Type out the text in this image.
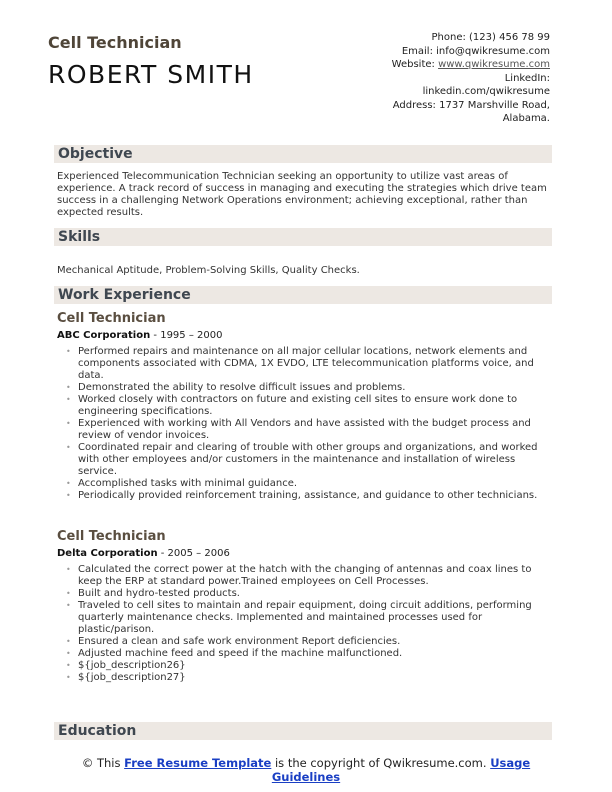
Cell Technician
ROBERT SMITH
Phone: (123) 456 78 99
Email: info@qwikresume.com
Website: www.qwikresume.com
LinkedIn:
linkedin.com/qwikresume
Address: 1737 Marshville Road,
Alabama.
Objective
Experienced Telecommunication Technician seeking an opportunity to utilize vast areas of experience. A track record of success in managing and executing the strategies which drive team success in a challenging Network Operations environment; achieving exceptional, rather than expected results.
Skills
Mechanical Aptitude, Problem-Solving Skills, Quality Checks.
Work Experience
Cell Technician
ABC Corporation - 1995 – 2000
• Performed repairs and maintenance on all major cellular locations, network elements and components associated with CDMA, 1X EVDO, LTE telecommunication platforms voice, and data.
• Demonstrated the ability to resolve difficult issues and problems.
• Worked closely with contractors on future and existing cell sites to ensure work done to engineering specifications.
• Experienced with working with All Vendors and have assisted with the budget process and review of vendor invoices.
• Coordinated repair and clearing of trouble with other groups and organizations, and worked with other employees and/or customers in the maintenance and installation of wireless service.
• Accomplished tasks with minimal guidance.
• Periodically provided reinforcement training, assistance, and guidance to other technicians.
Cell Technician
Delta Corporation - 2005 – 2006
• Calculated the correct power at the hatch with the changing of antennas and coax lines to keep the ERP at standard power.Trained employees on Cell Processes.
• Built and hydro-tested products.
• Traveled to cell sites to maintain and repair equipment, doing circuit additions, performing quarterly maintenance checks. Implemented and maintained processes used for plastic/parison.
• Ensured a clean and safe work environment Report deficiencies.
• Adjusted machine feed and speed if the machine malfunctioned.
• ${job_description26}
• ${job_description27}
Education
© This Free Resume Template is the copyright of Qwikresume.com. Usage Guidelines
